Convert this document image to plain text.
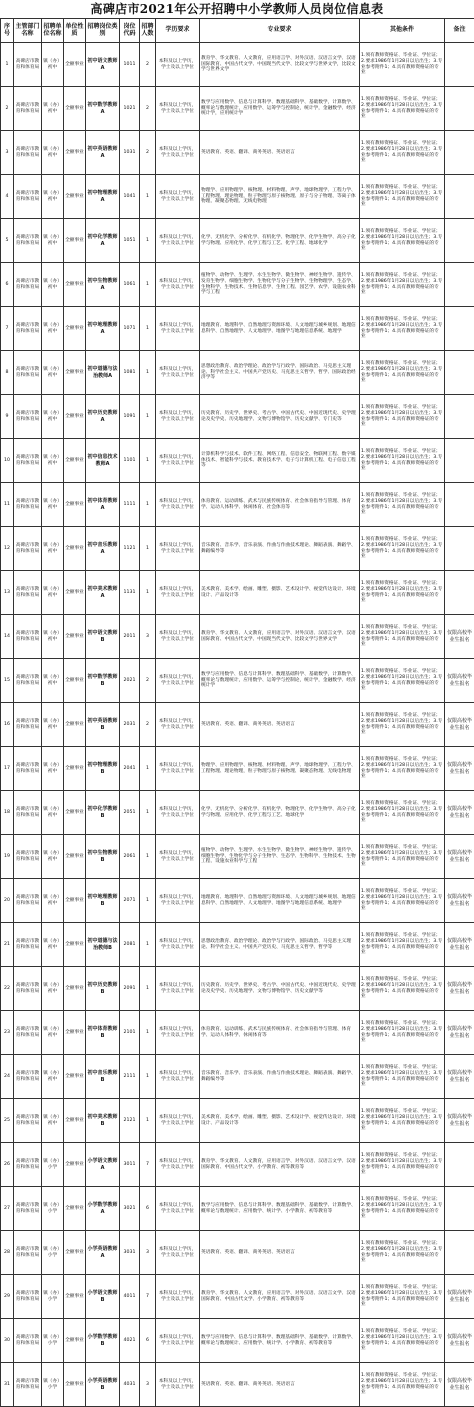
高碑店市2021年公开招聘中小学教师人员岗位信息表
序号	主管部门名称	招聘单位名称	单位性质	招聘岗位类别	岗位代码	招聘人数	学历要求	专业要求	其他条件	备注
1	高碑店市教育和体育局	镇（办）初中	全额事业	初中语文教师A	1011	2	本科及以上学历，学士及以上学位	教育学、华文教育、人文教育，应用语言学、对外汉语、汉语言文学、汉语国际教育、中国古代文学、中国现当代文学、比较文学与世界文学，比较文学与世界文学	1.须有教师资格证、毕业证、学位证；2.要求1986年1月28日以后出生；3.专业参考附件1；4.具有教师资格证的专业	
2	高碑店市教育和体育局	镇（办）初中	全额事业	初中数学教师A	1021	2	本科及以上学历，学士及以上学位	数学与应用数学、信息与计算科学、数理基础科学、基础数学，计算数学、概率论与数理统计，应用数学、运筹学与控制论，统计学，金融数学、经济统计学，应用统计学	1.须有教师资格证、毕业证、学位证；2.要求1986年1月28日以后出生；3.专业参考附件1；4.具有教师资格证的专业	
3	高碑店市教育和体育局	镇（办）初中	全额事业	初中英语教师A	1031	2	本科及以上学历，学士及以上学位	英语教育、英语、翻译、商务英语、英语语言	1.须有教师资格证、毕业证、学位证；2.要求1986年1月28日以后出生；3.专业参考附件1；4.具有教师资格证的专业	
4	高碑店市教育和体育局	镇（办）初中	全额事业	初中物理教师A	1041	1	本科及以上学历，学士及以上学位	物理学、应用物理学、核物理、材料物理、声学、地球物理学、工程力学、工程物理、理论物理，粒子物理与原子核物理、原子与分子物理、等离子体物理、凝聚态物理、无线电物理	1.须有教师资格证、毕业证、学位证；2.要求1986年1月28日以后出生；3.专业参考附件1；4.具有教师资格证的专业	
5	高碑店市教育和体育局	镇（办）初中	全额事业	初中化学教师A	1051	1	本科及以上学历，学士及以上学位	化学、无机化学、分析化学、有机化学、物理化学、化学生物学、高分子化学与物理、应用化学、化学工程与工艺、化学工程、地球化学	1.须有教师资格证、毕业证、学位证；2.要求1986年1月28日以后出生；3.专业参考附件1；4.具有教师资格证的专业	
6	高碑店市教育和体育局	镇（办）初中	全额事业	初中生物教师A	1061	1	本科及以上学历，学士及以上学位	植物学、动物学、生理学、水生生物学、微生物学、神经生物学、遗传学、发育生物学、细胞生物学、生物化学与分子生物学、生物物理学、生态学、生物科学、生物技术、生物信息学、生物工程、园艺学、农学、设施农业科学与工程	1.须有教师资格证、毕业证、学位证；2.要求1986年1月28日以后出生；3.专业参考附件1；4.具有教师资格证的专业	
7	高碑店市教育和体育局	镇（办）初中	全额事业	初中地理教师A	1071	1	本科及以上学历，学士及以上学位	地理教育、地理科学、自然地理与资源环境、人文地理与城乡规划、地理信息科学、自然地理学、人文地理学、地图学与地理信息系统、地理学	1.须有教师资格证、毕业证、学位证；2.要求1986年1月28日以后出生；3.专业参考附件1；4.具有教师资格证的专业	
8	高碑店市教育和体育局	镇（办）初中	全额事业	初中道德与法治教师A	1081	1	本科及以上学历，学士及以上学位	思想政治教育、政治学理论、政治学与行政学、国际政治、马克思主义理论、科学社会主义、中国共产党历史、马克思主义哲学、哲学、国际政治经济学等	1.须有教师资格证、毕业证、学位证；2.要求1986年1月28日以后出生；3.专业参考附件1；4.具有教师资格证的专业	
9	高碑店市教育和体育局	镇（办）初中	全额事业	初中历史教师A	1091	1	本科及以上学历，学士及以上学位	历史教育、历史学、世界史、考古学、中国古代史、中国近现代史、史学理论及史学史、历史地理学、文物与博物馆学、历史文献学、专门史等	1.须有教师资格证、毕业证、学位证；2.要求1986年1月28日以后出生；3.专业参考附件1；4.具有教师资格证的专业	
10	高碑店市教育和体育局	镇（办）初中	全额事业	初中信息技术教师A	1101	1	本科及以上学历，学士及以上学位	计算机科学与技术、软件工程、网络工程、信息安全、物联网工程、数字媒体技术、智能科学与技术、教育技术学、电子与计算机工程、电子信息工程等	1.须有教师资格证、毕业证、学位证；2.要求1986年1月28日以后出生；3.专业参考附件1；4.具有教师资格证的专业	
11	高碑店市教育和体育局	镇（办）初中	全额事业	初中体育教师A	1111	1	本科及以上学历，学士及以上学位	体育教育、运动训练、武术与民族传统体育、社会体育指导与管理、体育学、运动人体科学、休闲体育、社会体育等	1.须有教师资格证、毕业证、学位证；2.要求1986年1月28日以后出生；3.专业参考附件1；4.具有教师资格证的专业	
12	高碑店市教育和体育局	镇（办）初中	全额事业	初中音乐教师A	1121	1	本科及以上学历，学士及以上学位	音乐教育、音乐学、音乐表演、作曲与作曲技术理论、舞蹈表演、舞蹈学、舞蹈编导等	1.须有教师资格证、毕业证、学位证；2.要求1986年1月28日以后出生；3.专业参考附件1；4.具有教师资格证的专业	
13	高碑店市教育和体育局	镇（办）初中	全额事业	初中美术教师A	1131	1	本科及以上学历，学士及以上学位	美术教育、美术学、绘画、雕塑、摄影、艺术设计学、视觉传达设计、环境设计、产品设计等	1.须有教师资格证、毕业证、学位证；2.要求1986年1月28日以后出生；3.专业参考附件1；4.具有教师资格证的专业	
14	高碑店市教育和体育局	镇（办）初中	全额事业	初中语文教师B	2011	3	本科及以上学历，学士及以上学位	教育学、华文教育、人文教育，应用语言学、对外汉语、汉语言文学、汉语国际教育、中国古代文学、中国现当代文学、比较文学与世界文学	1.须有教师资格证、毕业证、学位证；2.要求1986年1月28日以后出生；3.专业参考附件1；4.具有教师资格证的专业	仅限高校毕业生报名
15	高碑店市教育和体育局	镇（办）初中	全额事业	初中数学教师B	2021	2	本科及以上学历，学士及以上学位	数学与应用数学、信息与计算科学、数理基础科学、基础数学，计算数学、概率论与数理统计，应用数学、运筹学与控制论，统计学，金融数学、经济统计学	1.须有教师资格证、毕业证、学位证；2.要求1986年1月28日以后出生；3.专业参考附件1；4.具有教师资格证的专业	仅限高校毕业生报名
16	高碑店市教育和体育局	镇（办）初中	全额事业	初中英语教师B	2031	2	本科及以上学历，学士及以上学位	英语教育、英语、翻译、商务英语、英语语言	1.须有教师资格证、毕业证、学位证；2.要求1986年1月28日以后出生；3.专业参考附件1；4.具有教师资格证的专业	仅限高校毕业生报名
17	高碑店市教育和体育局	镇（办）初中	全额事业	初中物理教师B	2041	1	本科及以上学历，学士及以上学位	物理学、应用物理学、核物理、材料物理、声学、地球物理学、工程力学、工程物理、理论物理，粒子物理与原子核物理、凝聚态物理、无线电物理	1.须有教师资格证、毕业证、学位证；2.要求1986年1月28日以后出生；3.专业参考附件1；4.具有教师资格证的专业	仅限高校毕业生报名
18	高碑店市教育和体育局	镇（办）初中	全额事业	初中化学教师B	2051	1	本科及以上学历，学士及以上学位	化学、无机化学、分析化学、有机化学、物理化学、化学生物学、高分子化学与物理、应用化学、化学工程与工艺、地球化学	1.须有教师资格证、毕业证、学位证；2.要求1986年1月28日以后出生；3.专业参考附件1；4.具有教师资格证的专业	仅限高校毕业生报名
19	高碑店市教育和体育局	镇（办）初中	全额事业	初中生物教师B	2061	1	本科及以上学历，学士及以上学位	植物学、动物学、生理学、水生生物学、微生物学、神经生物学、遗传学、细胞生物学、生物化学与分子生物学、生态学、生物科学、生物技术、生物工程、设施农业科学与工程	1.须有教师资格证、毕业证、学位证；2.要求1986年1月28日以后出生；3.专业参考附件1；4.具有教师资格证的专业	仅限高校毕业生报名
20	高碑店市教育和体育局	镇（办）初中	全额事业	初中地理教师B	2071	1	本科及以上学历，学士及以上学位	地理教育、地理科学、自然地理与资源环境、人文地理与城乡规划、地理信息科学、自然地理学、人文地理学、地图学与地理信息系统、地理学	1.须有教师资格证、毕业证、学位证；2.要求1986年1月28日以后出生；3.专业参考附件1；4.具有教师资格证的专业	仅限高校毕业生报名
21	高碑店市教育和体育局	镇（办）初中	全额事业	初中道德与法治教师B	2081	1	本科及以上学历，学士及以上学位	思想政治教育、政治学理论、政治学与行政学、国际政治、马克思主义理论、科学社会主义、中国共产党历史、马克思主义哲学、哲学等	1.须有教师资格证、毕业证、学位证；2.要求1986年1月28日以后出生；3.专业参考附件1；4.具有教师资格证的专业	仅限高校毕业生报名
22	高碑店市教育和体育局	镇（办）初中	全额事业	初中历史教师B	2091	1	本科及以上学历，学士及以上学位	历史教育、历史学、世界史、考古学、中国古代史、中国近现代史、史学理论及史学史、历史地理学、文物与博物馆学、历史文献学等	1.须有教师资格证、毕业证、学位证；2.要求1986年1月28日以后出生；3.专业参考附件1；4.具有教师资格证的专业	仅限高校毕业生报名
23	高碑店市教育和体育局	镇（办）初中	全额事业	初中体育教师B	2101	1	本科及以上学历，学士及以上学位	体育教育、运动训练、武术与民族传统体育、社会体育指导与管理、体育学、运动人体科学、休闲体育等	1.须有教师资格证、毕业证、学位证；2.要求1986年1月28日以后出生；3.专业参考附件1；4.具有教师资格证的专业	仅限高校毕业生报名
24	高碑店市教育和体育局	镇（办）初中	全额事业	初中音乐教师B	2111	1	本科及以上学历，学士及以上学位	音乐教育、音乐学、音乐表演、作曲与作曲技术理论、舞蹈表演、舞蹈学、舞蹈编导等	1.须有教师资格证、毕业证、学位证；2.要求1986年1月28日以后出生；3.专业参考附件1；4.具有教师资格证的专业	仅限高校毕业生报名
25	高碑店市教育和体育局	镇（办）初中	全额事业	初中美术教师B	2121	1	本科及以上学历，学士及以上学位	美术教育、美术学、绘画、雕塑、摄影、艺术设计学、视觉传达设计、环境设计、产品设计等	1.须有教师资格证、毕业证、学位证；2.要求1986年1月28日以后出生；3.专业参考附件1；4.具有教师资格证的专业	仅限高校毕业生报名
26	高碑店市教育和体育局	镇（办）小学	全额事业	小学语文教师A	3011	7	本科及以上学历，学士及以上学位	教育学、华文教育、人文教育，应用语言学、对外汉语、汉语言文学、汉语国际教育、中国古代文学、小学教育、初等教育等	1.须有教师资格证、毕业证、学位证；2.要求1986年1月28日以后出生；3.专业参考附件1；4.具有教师资格证的专业	
27	高碑店市教育和体育局	镇（办）小学	全额事业	小学数学教师A	3021	6	本科及以上学历，学士及以上学位	数学与应用数学、信息与计算科学、数理基础科学、基础数学、计算数学、概率论与数理统计、应用数学、统计学、小学教育、初等教育等	1.须有教师资格证、毕业证、学位证；2.要求1986年1月28日以后出生；3.专业参考附件1；4.具有教师资格证的专业	
28	高碑店市教育和体育局	镇（办）小学	全额事业	小学英语教师A	3031	3	本科及以上学历，学士及以上学位	英语教育、英语、翻译、商务英语、英语语言	1.须有教师资格证、毕业证、学位证；2.要求1986年1月28日以后出生；3.专业参考附件1；4.具有教师资格证的专业	
29	高碑店市教育和体育局	镇（办）小学	全额事业	小学语文教师B	4011	7	本科及以上学历，学士及以上学位	教育学、华文教育、人文教育，应用语言学、对外汉语、汉语言文学、汉语国际教育、中国古代文学、小学教育、初等教育等	1.须有教师资格证、毕业证、学位证；2.要求1986年1月28日以后出生；3.专业参考附件1；4.具有教师资格证的专业	仅限高校毕业生报名
30	高碑店市教育和体育局	镇（办）小学	全额事业	小学数学教师B	4021	6	本科及以上学历，学士及以上学位	数学与应用数学、信息与计算科学、数理基础科学、基础数学、计算数学、概率论与数理统计、应用数学、统计学、小学教育、初等教育等	1.须有教师资格证、毕业证、学位证；2.要求1986年1月28日以后出生；3.专业参考附件1；4.具有教师资格证的专业	仅限高校毕业生报名
31	高碑店市教育和体育局	镇（办）小学	全额事业	小学英语教师B	4031	3	本科及以上学历，学士及以上学位	英语教育、英语、翻译、商务英语、英语语言	1.须有教师资格证、毕业证、学位证；2.要求1986年1月28日以后出生；3.专业参考附件1；4.具有教师资格证的专业	仅限高校毕业生报名
